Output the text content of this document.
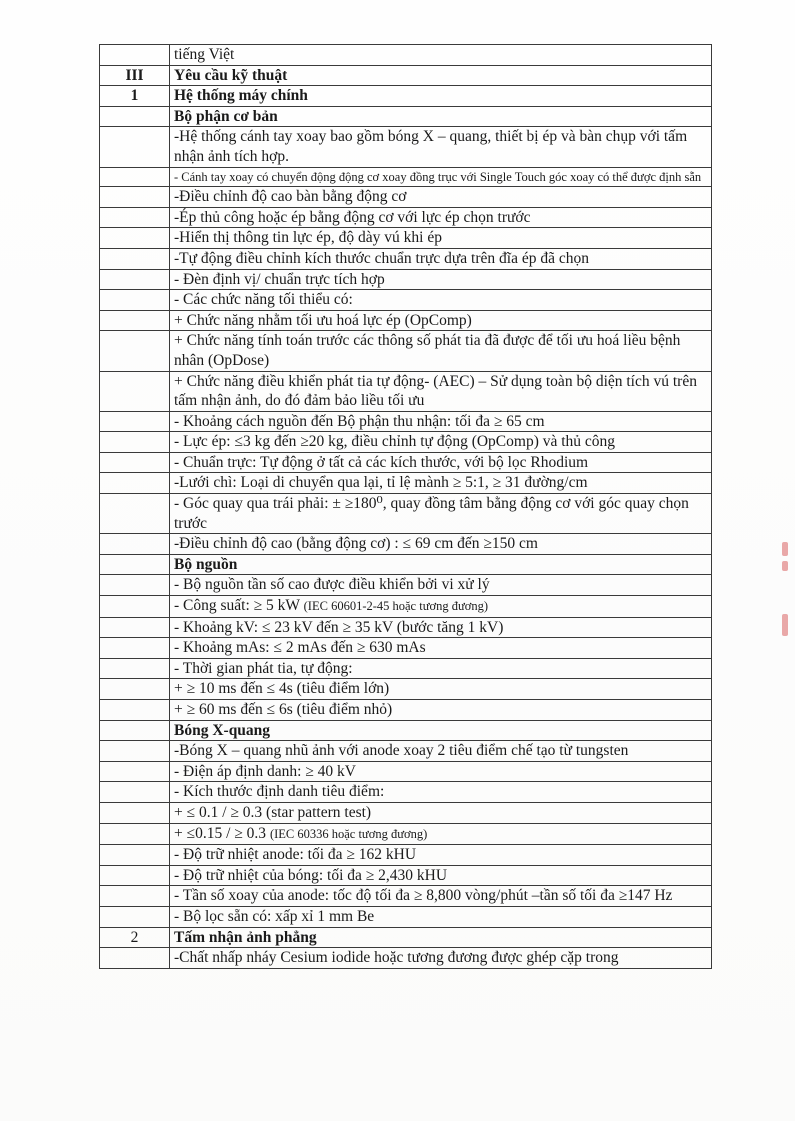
	tiếng Việt
III	Yêu cầu kỹ thuật
1	Hệ thống máy chính
	Bộ phận cơ bản
	-Hệ thống cánh tay xoay bao gồm bóng X – quang, thiết bị ép và bàn chụp với tấm nhận ảnh tích hợp.
	- Cánh tay xoay có chuyển động động cơ xoay đồng trục với Single Touch góc xoay có thể được định sẵn
	-Điều chỉnh độ cao bàn bằng động cơ
	-Ép thủ công hoặc ép bằng động cơ với lực ép chọn trước
	-Hiển thị thông tin lực ép, độ dày vú khi ép
	-Tự động điều chỉnh kích thước chuẩn trực dựa trên đĩa ép đã chọn
	- Đèn định vị/ chuẩn trực tích hợp
	- Các chức năng tối thiểu có:
	+ Chức năng nhằm tối ưu hoá lực ép (OpComp)
	+ Chức năng tính toán trước các thông số phát tia đã được để tối ưu hoá liều bệnh nhân (OpDose)
	+ Chức năng điều khiển phát tia tự động- (AEC) – Sử dụng toàn bộ diện tích vú trên tấm nhận ảnh, do đó đảm bảo liều tối ưu
	- Khoảng cách nguồn đến Bộ phận thu nhận: tối đa ≥ 65 cm
	- Lực ép: ≤3 kg đến ≥20 kg, điều chỉnh tự động (OpComp) và thủ công
	- Chuẩn trực: Tự động ở tất cả các kích thước, với bộ lọc Rhodium
	-Lưới chì: Loại di chuyển qua lại, tỉ lệ mành ≥ 5:1, ≥ 31 đường/cm
	- Góc quay qua trái phải: ± ≥180⁰, quay đồng tâm bằng động cơ với góc quay chọn trước
	-Điều chỉnh độ cao (bằng động cơ) : ≤ 69 cm đến ≥150 cm
	Bộ nguồn
	- Bộ nguồn tần số cao được điều khiển bởi vi xử lý
	- Công suất: ≥ 5 kW (IEC 60601-2-45 hoặc tương đương)
	- Khoảng kV: ≤ 23 kV đến ≥ 35 kV (bước tăng 1 kV)
	- Khoảng mAs: ≤ 2 mAs đến ≥ 630 mAs
	- Thời gian phát tia, tự động:
	+ ≥ 10 ms đến ≤ 4s (tiêu điểm lớn)
	+ ≥ 60 ms đến ≤ 6s (tiêu điểm nhỏ)
	Bóng X-quang
	-Bóng X – quang nhũ ảnh với anode xoay 2 tiêu điểm chế tạo từ tungsten
	- Điện áp định danh: ≥ 40 kV
	- Kích thước định danh tiêu điểm:
	+ ≤ 0.1 / ≥ 0.3 (star pattern test)
	+ ≤0.15 / ≥ 0.3 (IEC 60336 hoặc tương đương)
	- Độ trữ nhiệt anode: tối đa ≥ 162 kHU
	- Độ trữ nhiệt của bóng: tối đa ≥ 2,430 kHU
	- Tần số xoay của anode: tốc độ tối đa ≥ 8,800 vòng/phút –tần số tối đa ≥147 Hz
	- Bộ lọc sẵn có: xấp xỉ 1 mm Be
2	Tấm nhận ảnh phẳng
	-Chất nhấp nháy Cesium iodide hoặc tương đương được ghép cặp trong
